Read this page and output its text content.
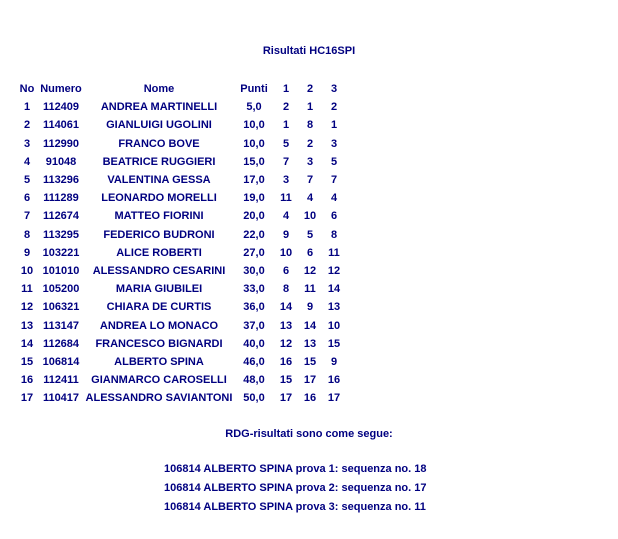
Risultati HC16SPI
No	Numero	Nome	Punti	1	2	3
1	112409	ANDREA MARTINELLI	5,0	2	1	2
2	114061	GIANLUIGI UGOLINI	10,0	1	8	1
3	112990	FRANCO BOVE	10,0	5	2	3
4	91048	BEATRICE RUGGIERI	15,0	7	3	5
5	113296	VALENTINA GESSA	17,0	3	7	7
6	111289	LEONARDO MORELLI	19,0	11	4	4
7	112674	MATTEO FIORINI	20,0	4	10	6
8	113295	FEDERICO BUDRONI	22,0	9	5	8
9	103221	ALICE ROBERTI	27,0	10	6	11
10	101010	ALESSANDRO CESARINI	30,0	6	12	12
11	105200	MARIA GIUBILEI	33,0	8	11	14
12	106321	CHIARA DE CURTIS	36,0	14	9	13
13	113147	ANDREA LO MONACO	37,0	13	14	10
14	112684	FRANCESCO BIGNARDI	40,0	12	13	15
15	106814	ALBERTO SPINA	46,0	16	15	9
16	112411	GIANMARCO CAROSELLI	48,0	15	17	16
17	110417	ALESSANDRO SAVIANTONI	50,0	17	16	17
RDG-risultati sono come segue:
106814 ALBERTO SPINA prova 1: sequenza no. 18
106814 ALBERTO SPINA prova 2: sequenza no. 17
106814 ALBERTO SPINA prova 3: sequenza no. 11
